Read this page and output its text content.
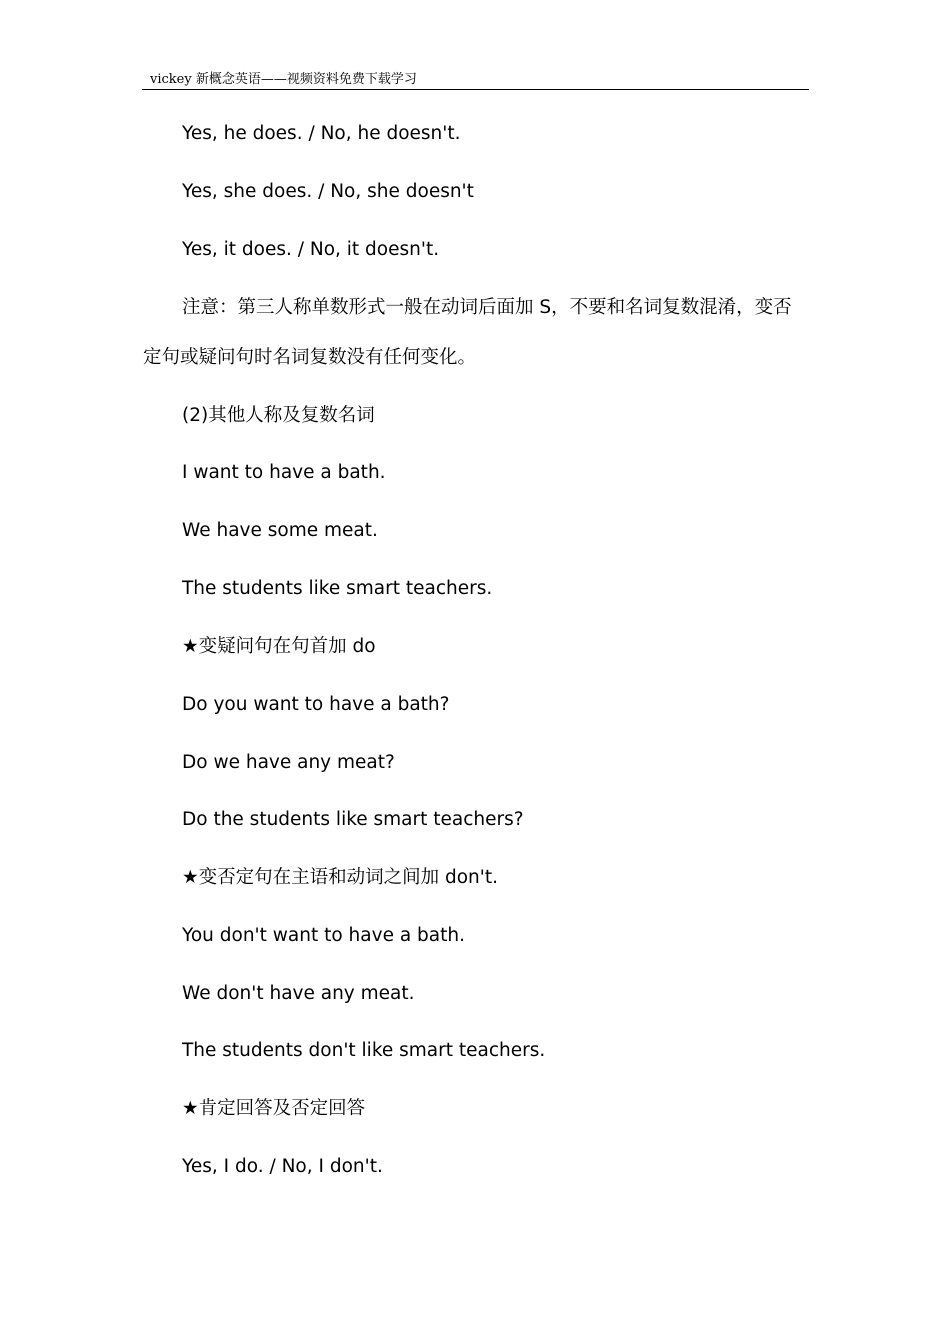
vickey 新概念英语——视频资料免费下载学习
Yes, he does. / No, he doesn't.
Yes, she does. / No, she doesn't
Yes, it does. / No, it doesn't.
注意：第三人称单数形式一般在动词后面加 S，不要和名词复数混淆，变否
定句或疑问句时名词复数没有任何变化。
(2)其他人称及复数名词
I want to have a bath.
We have some meat.
The students like smart teachers.
★变疑问句在句首加 do
Do you want to have a bath?
Do we have any meat?
Do the students like smart teachers?
★变否定句在主语和动词之间加 don't.
You don't want to have a bath.
We don't have any meat.
The students don't like smart teachers.
★肯定回答及否定回答
Yes, I do. / No, I don't.
